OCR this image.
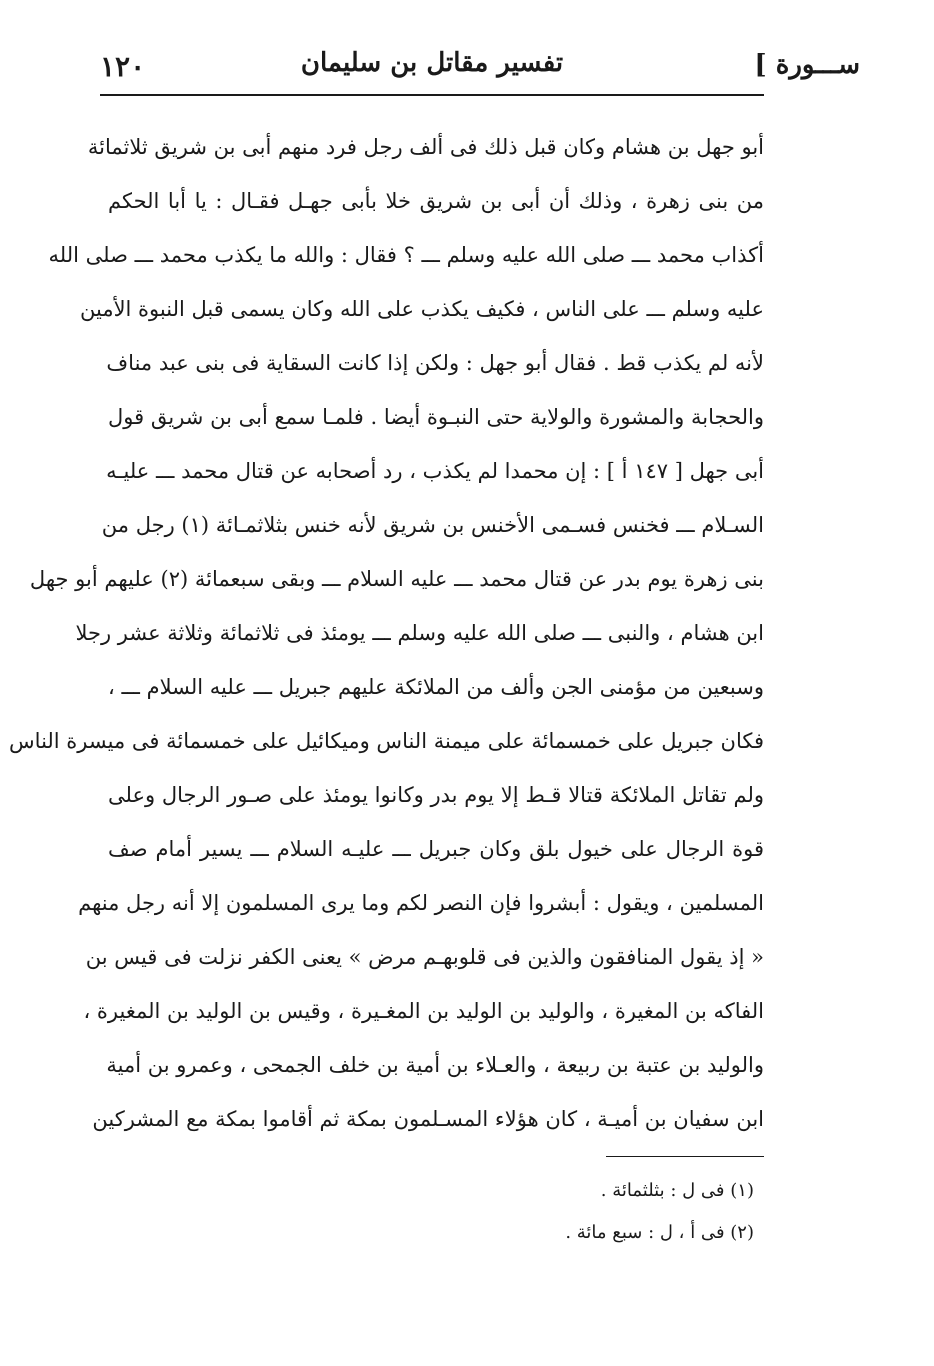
١٢٠	تفسير مقاتل بن سليمان	[ ســـورة
أبو جهل بن هشام وكان قبل ذلك فى ألف رجل فرد منهم أبى بن شريق ثلاثمائة
من بنى زهرة ، وذلك أن أبى بن شريق خلا بأبى جهـل فقـال : يا أبا الحكم
أكذاب محمد ـــ صلى الله عليه وسلم ـــ ؟ فقال : والله ما يكذب محمد ـــ صلى الله
عليه وسلم ـــ على الناس ، فكيف يكذب على الله وكان يسمى قبل النبوة الأمين
لأنه لم يكذب قط . فقال أبو جهل : ولكن إذا كانت السقاية فى بنى عبد مناف
والحجابة والمشورة والولاية حتى النبـوة أيضا . فلمـا سمع أبى بن شريق قول
أبى جهل [ ١٤٧ أ ] : إن محمدا لم يكذب ، رد أصحابه عن قتال محمد ـــ عليـه
السـلام ـــ فخنس فسـمى الأخنس بن شريق لأنه خنس بثلاثمـائة (١) رجل من
بنى زهرة يوم بدر عن قتال محمد ـــ عليه السلام ـــ وبقى سبعمائة (٢) عليهم أبو جهل
ابن هشام ، والنبى ـــ صلى الله عليه وسلم ـــ يومئذ فى ثلاثمائة وثلاثة عشر رجلا
وسبعين من مؤمنى الجن وألف من الملائكة عليهم جبريل ـــ عليه السلام ـــ ،
فكان جبريل على خمسمائة على ميمنة الناس وميكائيل على خمسمائة فى ميسرة الناس
ولم تقاتل الملائكة قتالا قـط إلا يوم بدر وكانوا يومئذ على صـور الرجال وعلى
قوة الرجال على خيول بلق وكان جبريل ـــ عليـه السلام ـــ يسير أمام صف
المسلمين ، ويقول : أبشروا فإن النصر لكم وما يرى المسلمون إلا أنه رجل منهم
« إذ يقول المنافقون والذين فى قلوبهـم مرض » يعنى الكفر نزلت فى قيس بن
الفاكه بن المغيرة ، والوليد بن الوليد بن المغـيرة ، وقيس بن الوليد بن المغيرة ،
والوليد بن عتبة بن ربيعة ، والعـلاء بن أمية بن خلف الجمحى ، وعمرو بن أمية
ابن سفيان بن أميـة ، كان هؤلاء المسـلمون بمكة ثم أقاموا بمكة مع المشركين
(١) فى ل : بثلثمائة .
(٢) فى أ ، ل : سبع مائة .
